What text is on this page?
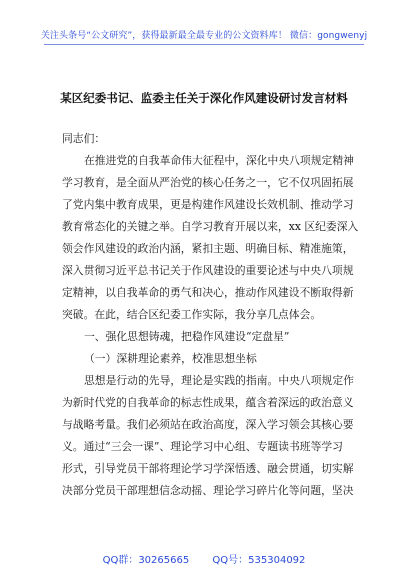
关注头条号“公文研究”，获得最新最全最专业的公文资料库！ 微信：gongwenyj
某区纪委书记、监委主任关于深化作风建设研讨发言材料
同志们：
在推进党的自我革命伟大征程中，深化中央八项规定精神
学习教育，是全面从严治党的核心任务之一，它不仅巩固拓展
了党内集中教育成果，更是构建作风建设长效机制、推动学习
教育常态化的关键之举。自学习教育开展以来，xx 区纪委深入
领会作风建设的政治内涵，紧扣主题、明确目标、精准施策，
深入贯彻习近平总书记关于作风建设的重要论述与中央八项规
定精神，以自我革命的勇气和决心，推动作风建设不断取得新
突破。在此，结合区纪委工作实际，我分享几点体会。
一、强化思想铸魂，把稳作风建设“定盘星”
（一）深耕理论素养，校准思想坐标
思想是行动的先导，理论是实践的指南。中央八项规定作
为新时代党的自我革命的标志性成果，蕴含着深远的政治意义
与战略考量。我们必须站在政治高度，深入学习领会其核心要
义。通过“三会一课”、理论学习中心组、专题读书班等学习
形式，引导党员干部将理论学习学深悟透、融会贯通，切实解
决部分党员干部理想信念动摇、理论学习碎片化等问题，坚决
QQ群：30265665 QQ号：535304092
